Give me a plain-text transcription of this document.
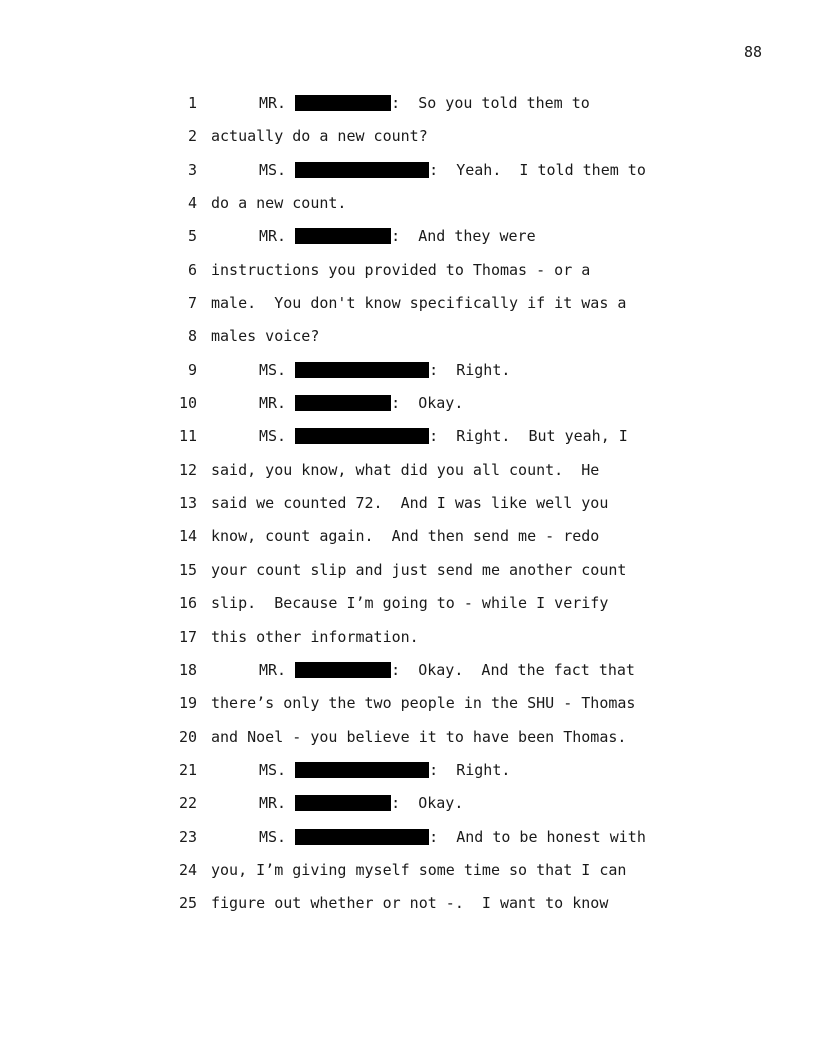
88
1	MR.	:  So you told them to
2 actually do a new count?
3	MS.	:  Yeah.  I told them to
4 do a new count.
5	MR.	:  And they were
6 instructions you provided to Thomas - or a
7 male.  You don't know specifically if it was a
8 males voice?
9	MS.	:  Right.
10	MR.	:  Okay.
11	MS.	:  Right.  But yeah, I
12 said, you know, what did you all count.  He
13 said we counted 72.  And I was like well you
14 know, count again.  And then send me - redo
15 your count slip and just send me another count
16 slip.  Because I’m going to - while I verify
17 this other information.
18	MR.	:  Okay.  And the fact that
19 there’s only the two people in the SHU - Thomas
20 and Noel - you believe it to have been Thomas.
21	MS.	:  Right.
22	MR.	:  Okay.
23	MS.	:  And to be honest with
24 you, I’m giving myself some time so that I can
25 figure out whether or not -.  I want to know
